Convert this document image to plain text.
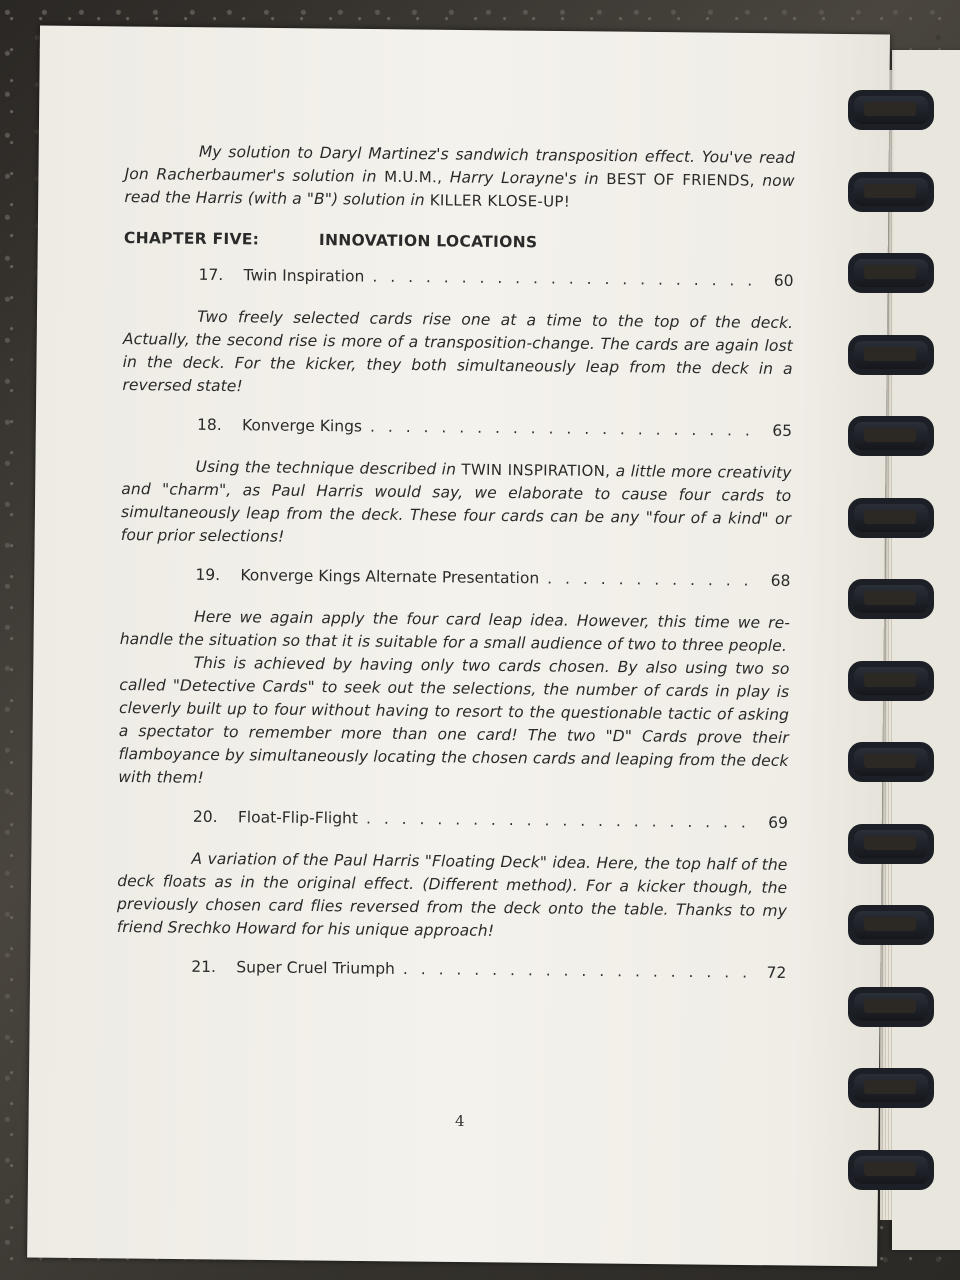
My solution to Daryl Martinez's sandwich transposition effect. You've read Jon Racherbaumer's solution in M.U.M., Harry Lorayne's in BEST OF FRIENDS, now read the Harris (with a "B") solution in KILLER KLOSE-UP!

CHAPTER FIVE:	INNOVATION LOCATIONS
17.	Twin Inspiration . . .	60

Two freely selected cards rise one at a time to the top of the deck. Actually, the second rise is more of a transposition-change. The cards are again lost in the deck. For the kicker, they both simultaneously leap from the deck in a reversed state!

18.	Konverge Kings . . .	65

Using the technique described in TWIN INSPIRATION, a little more creativity and "charm", as Paul Harris would say, we elaborate to cause four cards to simultaneously leap from the deck. These four cards can be any "four of a kind" or four prior selections!

19.	Konverge Kings Alternate Presentation . . .	68

Here we again apply the four card leap idea. However, this time we re-handle the situation so that it is suitable for a small audience of two to three people.

This is achieved by having only two cards chosen. By also using two so called "Detective Cards" to seek out the selections, the number of cards in play is cleverly built up to four without having to resort to the questionable tactic of asking a spectator to remember more than one card! The two "D" Cards prove their flamboyance by simultaneously locating the chosen cards and leaping from the deck with them!

20.	Float-Flip-Flight . . .	69

A variation of the Paul Harris "Floating Deck" idea. Here, the top half of the deck floats as in the original effect. (Different method). For a kicker though, the previously chosen card flies reversed from the deck onto the table. Thanks to my friend Srechko Howard for his unique approach!

21.	Super Cruel Triumph . . .	72
4
